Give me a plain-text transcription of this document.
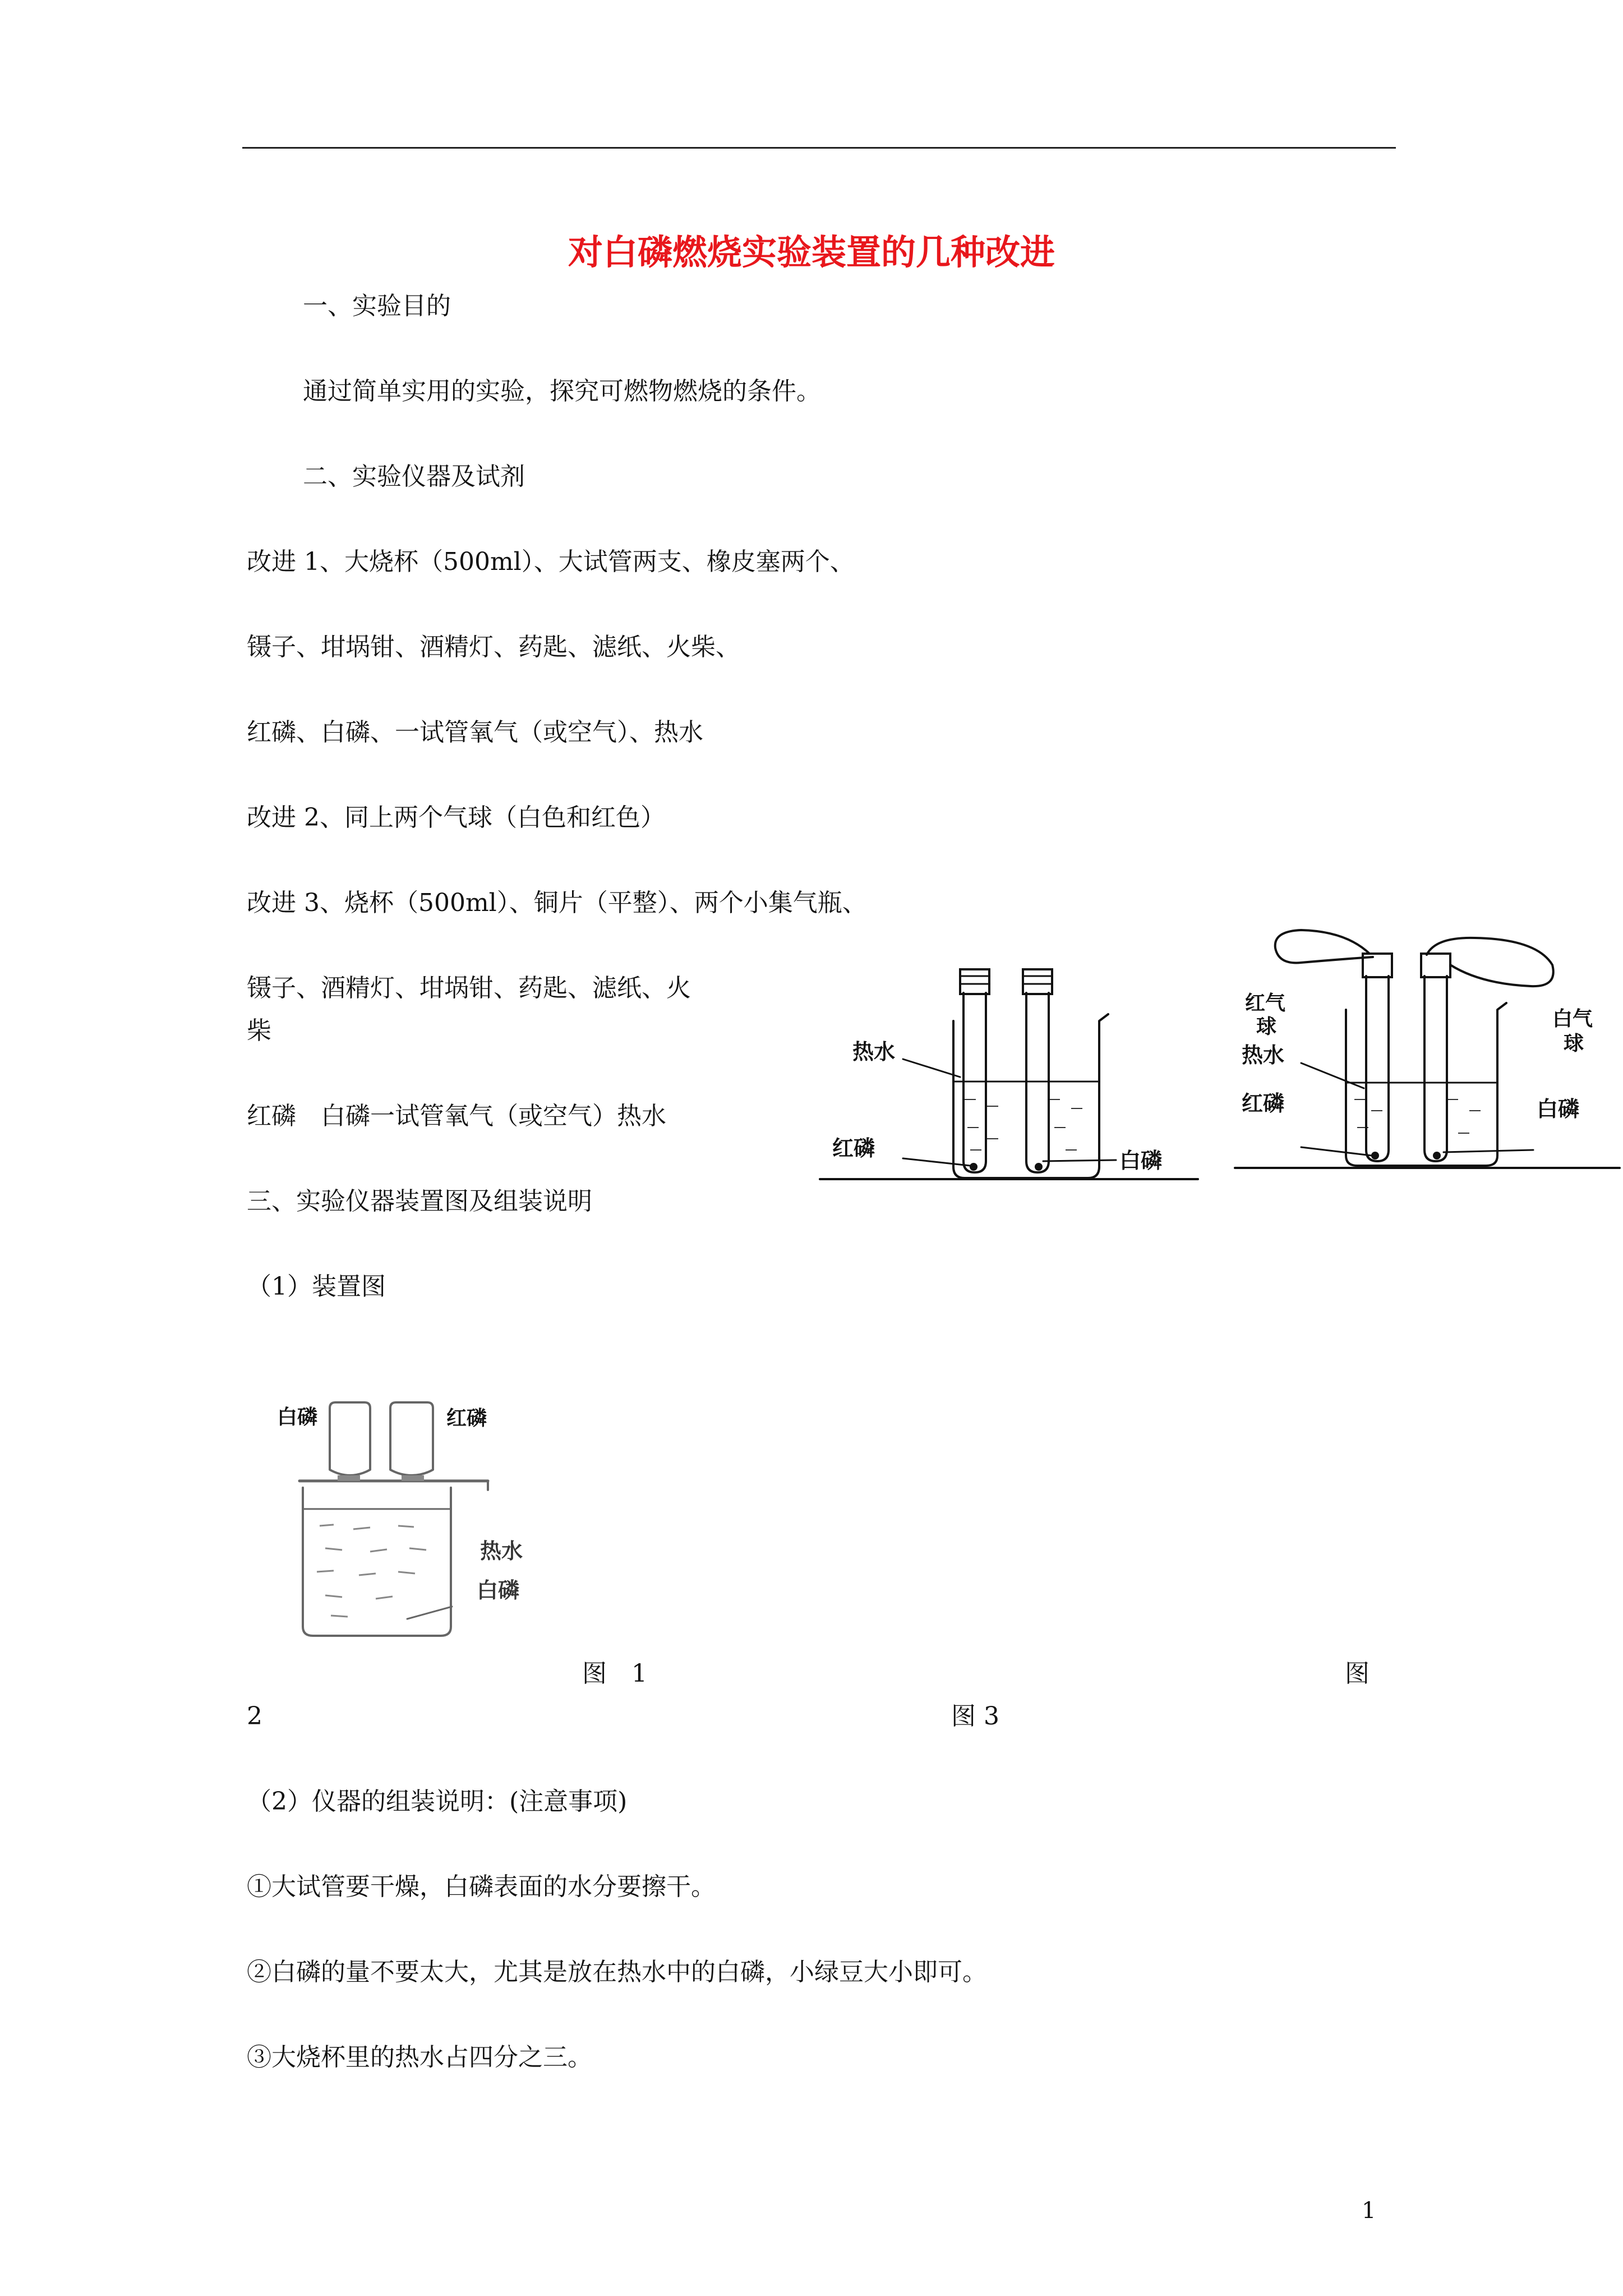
对白磷燃烧实验装置的几种改进
一、实验目的
通过简单实用的实验，探究可燃物燃烧的条件。
二、实验仪器及试剂
改进 1、大烧杯（500ml）、大试管两支、橡皮塞两个、
镊子、坩埚钳、酒精灯、药匙、滤纸、火柴、
红磷、白磷、一试管氧气（或空气）、热水
改进 2、同上两个气球（白色和红色）
改进 3、烧杯（500ml）、铜片（平整）、两个小集气瓶、
镊子、酒精灯、坩埚钳、药匙、滤纸、火
柴
红磷　白磷一试管氧气（或空气）热水
三、实验仪器装置图及组装说明
（1）装置图
热水
红磷	白磷
红气
球	白气
球
热水
红磷	白磷
白磷	红磷
热水
白磷
图　1	图
2	图 3
（2）仪器的组装说明：(注意事项)
①大试管要干燥，白磷表面的水分要擦干。
②白磷的量不要太大，尤其是放在热水中的白磷，小绿豆大小即可。
③大烧杯里的热水占四分之三。
1
